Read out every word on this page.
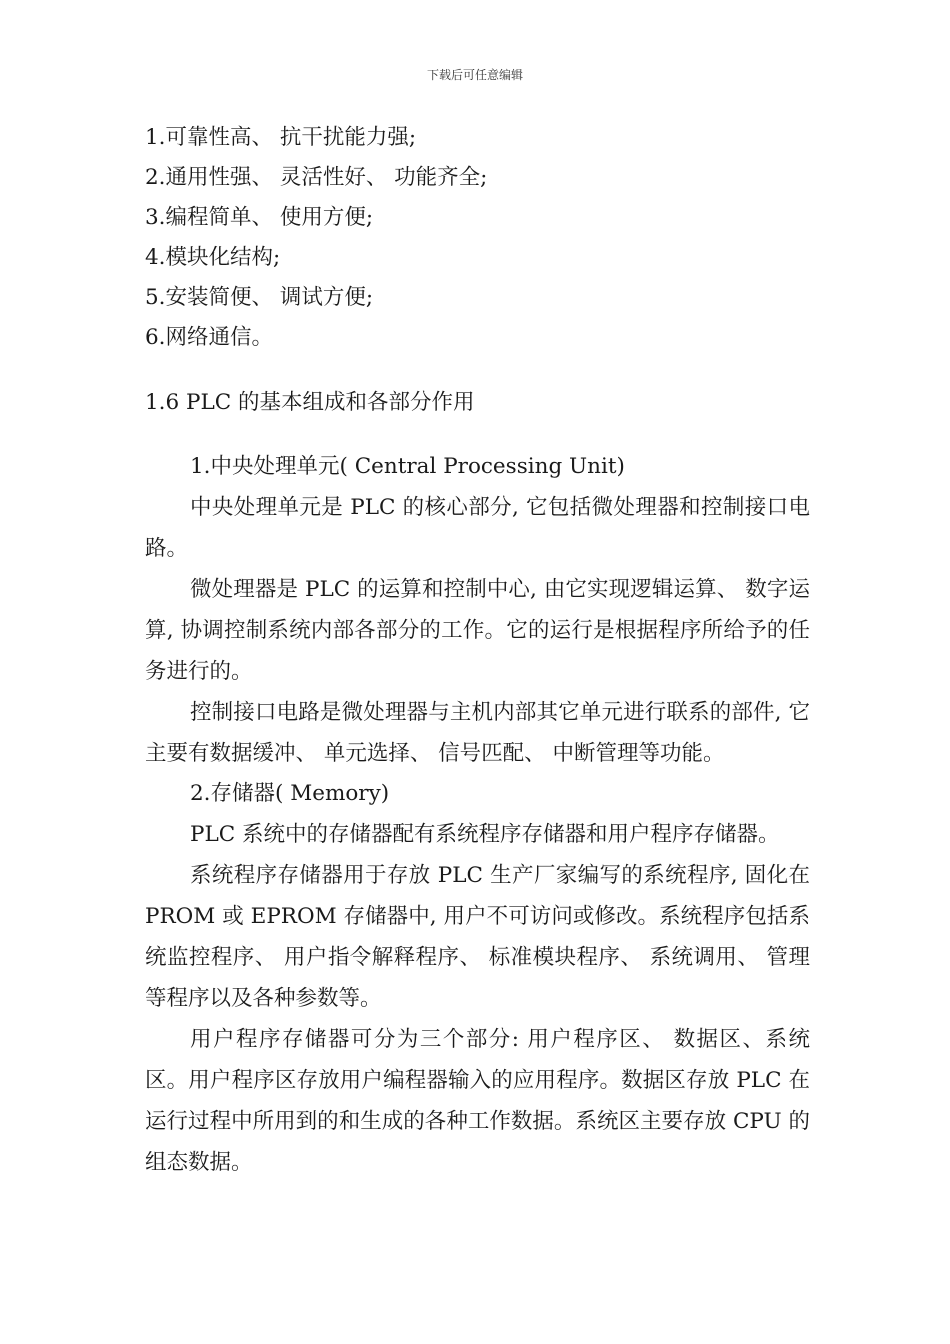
下载后可任意编辑
1.可靠性高、 抗干扰能力强;
2.通用性强、 灵活性好、 功能齐全;
3.编程简单、 使用方便;
4.模块化结构;
5.安装简便、 调试方便;
6.网络通信。
1.6 PLC 的基本组成和各部分作用
1.中央处理单元( Central Processing Unit)

中央处理单元是 PLC 的核心部分, 它包括微处理器和控制接口电路。

微处理器是 PLC 的运算和控制中心, 由它实现逻辑运算、 数字运算, 协调控制系统内部各部分的工作。它的运行是根据程序所给予的任务进行的。

控制接口电路是微处理器与主机内部其它单元进行联系的部件, 它主要有数据缓冲、 单元选择、 信号匹配、 中断管理等功能。

2.存储器( Memory)

PLC 系统中的存储器配有系统程序存储器和用户程序存储器。

系统程序存储器用于存放 PLC 生产厂家编写的系统程序, 固化在 PROM 或 EPROM 存储器中, 用户不可访问或修改。系统程序包括系统监控程序、 用户指令解释程序、 标准模块程序、 系统调用、 管理等程序以及各种参数等。

用户程序存储器可分为三个部分: 用户程序区、 数据区、系统区。用户程序区存放用户编程器输入的应用程序。数据区存放 PLC 在运行过程中所用到的和生成的各种工作数据。系统区主要存放 CPU 的组态数据。
